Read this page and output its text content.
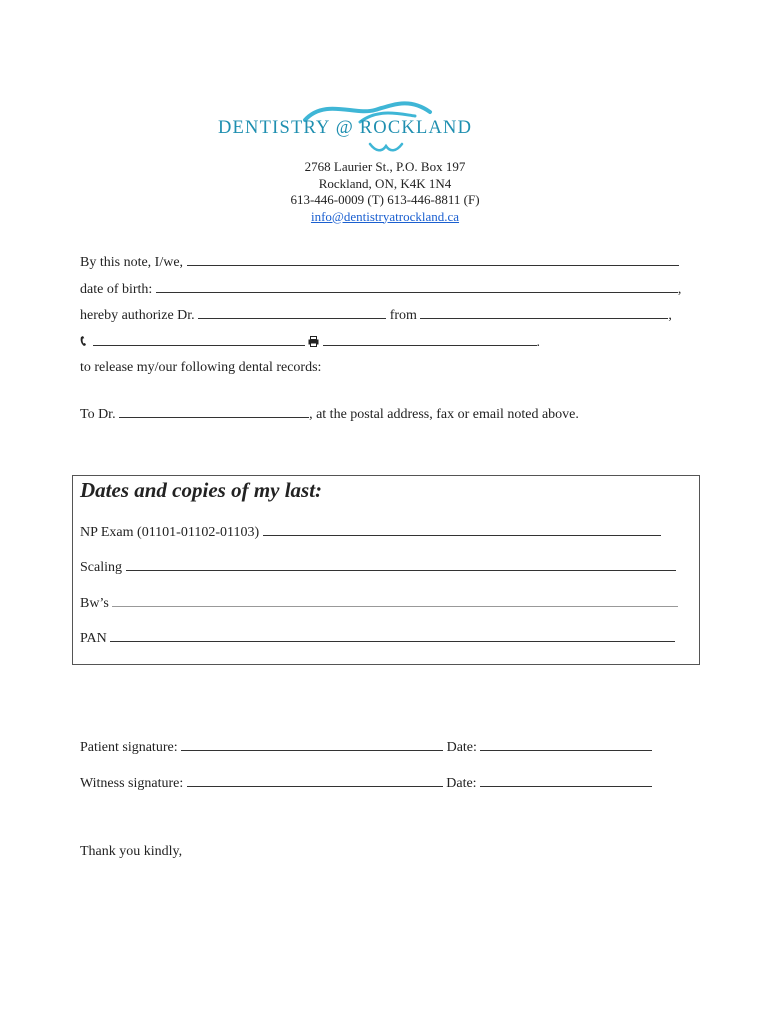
DENTISTRY @ ROCKLAND
2768 Laurier St., P.O. Box 197
Rockland, ON, K4K 1N4
613-446-0009 (T) 613-446-8811 (F)
info@dentistryatrockland.ca
By this note, I/we,
date of birth:	,
hereby authorize Dr.	from	,
.
to release my/our following dental records:
To Dr.	, at the postal address, fax or email noted above.
Dates and copies of my last:
NP Exam (01101-01102-01103)
Scaling
Bw’s
PAN
Patient signature:	Date:
Witness signature:	Date:
Thank you kindly,
